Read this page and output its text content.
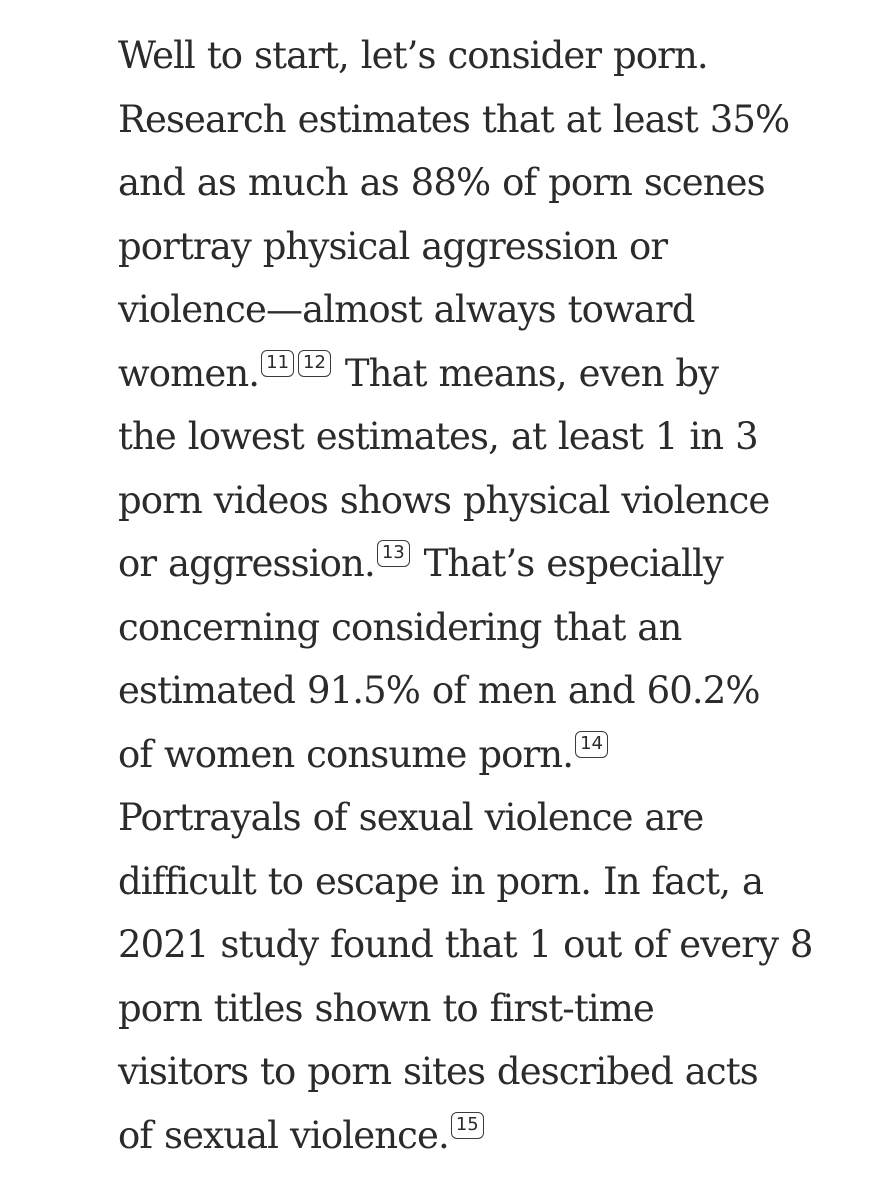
Well to start, let’s consider porn.
Research estimates that at least 35%
and as much as 88% of porn scenes
portray physical aggression or
violence—almost always toward
women. 11 12 That means, even by
the lowest estimates, at least 1 in 3
porn videos shows physical violence
or aggression. 13 That’s especially
concerning considering that an
estimated 91.5% of men and 60.2%
of women consume porn. 14
Portrayals of sexual violence are
difficult to escape in porn. In fact, a
2021 study found that 1 out of every 8
porn titles shown to first-time
visitors to porn sites described acts
of sexual violence. 15
